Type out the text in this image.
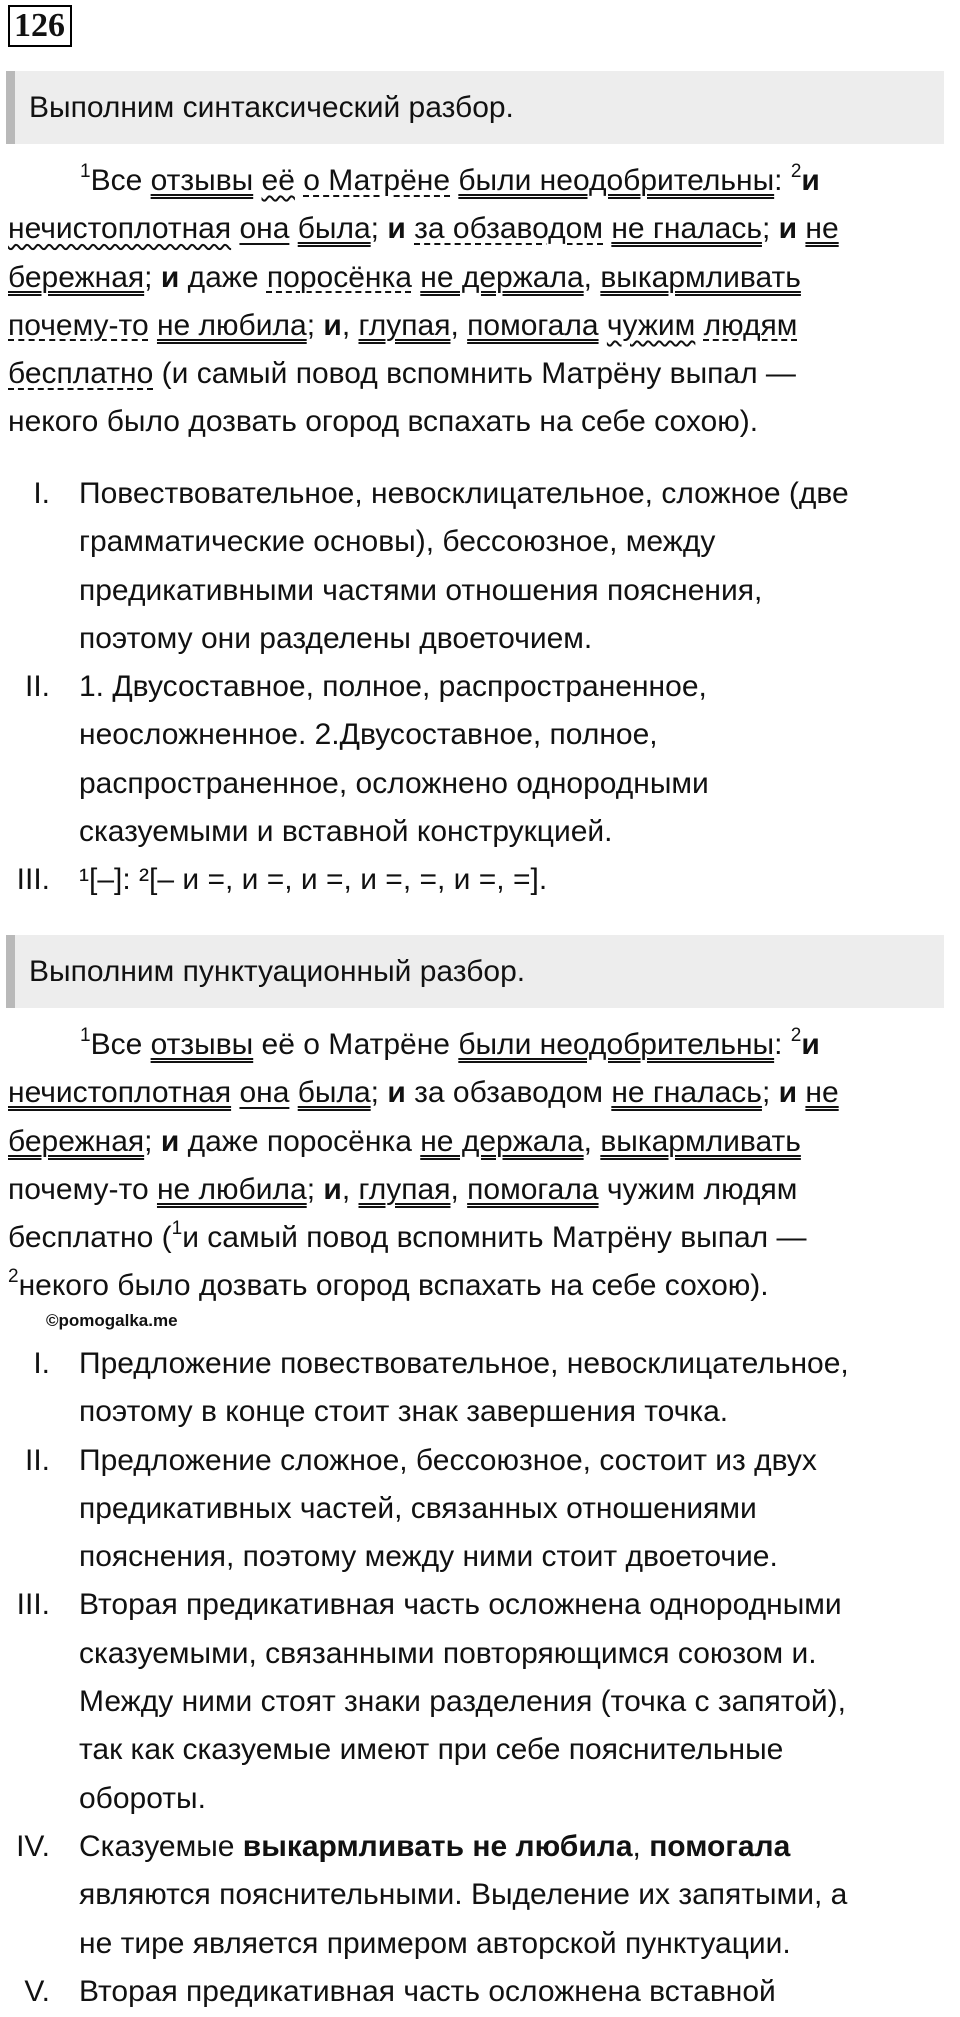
126
Выполним синтаксический разбор.
$^1$Все отзывы её о Матрёне были неодобрительны: $^2$и
нечистоплотная она была; и за обзаводом не гналась; и не
бережная; и даже поросёнка не держала, выкармливать
почему-то не любила; и, глупая, помогала чужим людям
бесплатно (и самый повод вспомнить Матрёну выпал —
некого было дозвать огород вспахать на себе сохою).
I. Повествовательное, невосклицательное, сложное (две
грамматические основы), бессоюзное, между
предикативными частями отношения пояснения,
поэтому они разделены двоеточием.
II. 1. Двусоставное, полное, распространенное,
неосложненное. 2.Двусоставное, полное,
распространенное, осложнено однородными
сказуемыми и вставной конструкцией.
III. ¹[–]: ²[– и =, и =, и =, и =, =, и =, =].
Выполним пунктуационный разбор.
$^1$Все отзывы её о Матрёне были неодобрительны: $^2$и
нечистоплотная она была; и за обзаводом не гналась; и не
бережная; и даже поросёнка не держала, выкармливать
почему-то не любила; и, глупая, помогала чужим людям
бесплатно ($^1$и самый повод вспомнить Матрёну выпал —
$^2$некого было дозвать огород вспахать на себе сохою).
©pomogalka.me
I. Предложение повествовательное, невосклицательное,
поэтому в конце стоит знак завершения точка.
II. Предложение сложное, бессоюзное, состоит из двух
предикативных частей, связанных отношениями
пояснения, поэтому между ними стоит двоеточие.
III. Вторая предикативная часть осложнена однородными
сказуемыми, связанными повторяющимся союзом и.
Между ними стоят знаки разделения (точка с запятой),
так как сказуемые имеют при себе пояснительные
обороты.
IV. Сказуемые выкармливать не любила, помогала
являются пояснительными. Выделение их запятыми, а
не тире является примером авторской пунктуации.
V. Вторая предикативная часть осложнена вставной
